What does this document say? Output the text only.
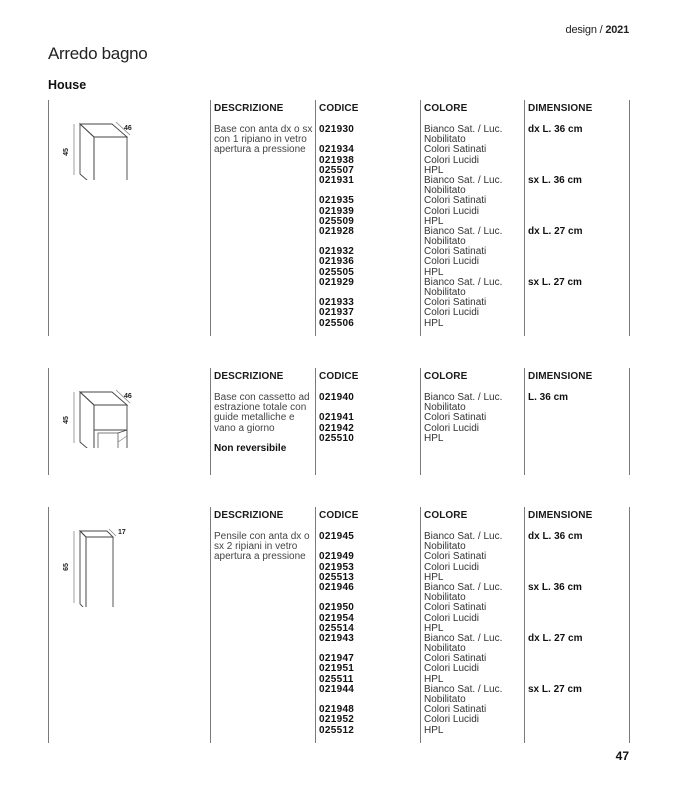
design / 2021
Arredo bagno
House
45
46
DESCRIZIONE
Base con anta dx o sx
con 1 ripiano in vetro
apertura a pressione
CODICE
021930
021934
021938
025507
021931
021935
021939
025509
021928
021932
021936
025505
021929
021933
021937
025506
COLORE
Bianco Sat. / Luc.
Nobilitato
Colori Satinati
Colori Lucidi
HPL
Bianco Sat. / Luc.
Nobilitato
Colori Satinati
Colori Lucidi
HPL
Bianco Sat. / Luc.
Nobilitato
Colori Satinati
Colori Lucidi
HPL
Bianco Sat. / Luc.
Nobilitato
Colori Satinati
Colori Lucidi
HPL
DIMENSIONE
dx L. 36 cm
sx L. 36 cm
dx L. 27 cm
sx L. 27 cm
45
46
DESCRIZIONE
Base con cassetto ad
estrazione totale con
guide metalliche e
vano a giorno
Non reversibile
CODICE
021940
021941
021942
025510
COLORE
Bianco Sat. / Luc.
Nobilitato
Colori Satinati
Colori Lucidi
HPL
DIMENSIONE
L. 36 cm
65
17
DESCRIZIONE
Pensile con anta dx o
sx 2 ripiani in vetro
apertura a pressione
CODICE
021945
021949
021953
025513
021946
021950
021954
025514
021943
021947
021951
025511
021944
021948
021952
025512
COLORE
Bianco Sat. / Luc.
Nobilitato
Colori Satinati
Colori Lucidi
HPL
Bianco Sat. / Luc.
Nobilitato
Colori Satinati
Colori Lucidi
HPL
Bianco Sat. / Luc.
Nobilitato
Colori Satinati
Colori Lucidi
HPL
Bianco Sat. / Luc.
Nobilitato
Colori Satinati
Colori Lucidi
HPL
DIMENSIONE
dx L. 36 cm
sx L. 36 cm
dx L. 27 cm
sx L. 27 cm
47
